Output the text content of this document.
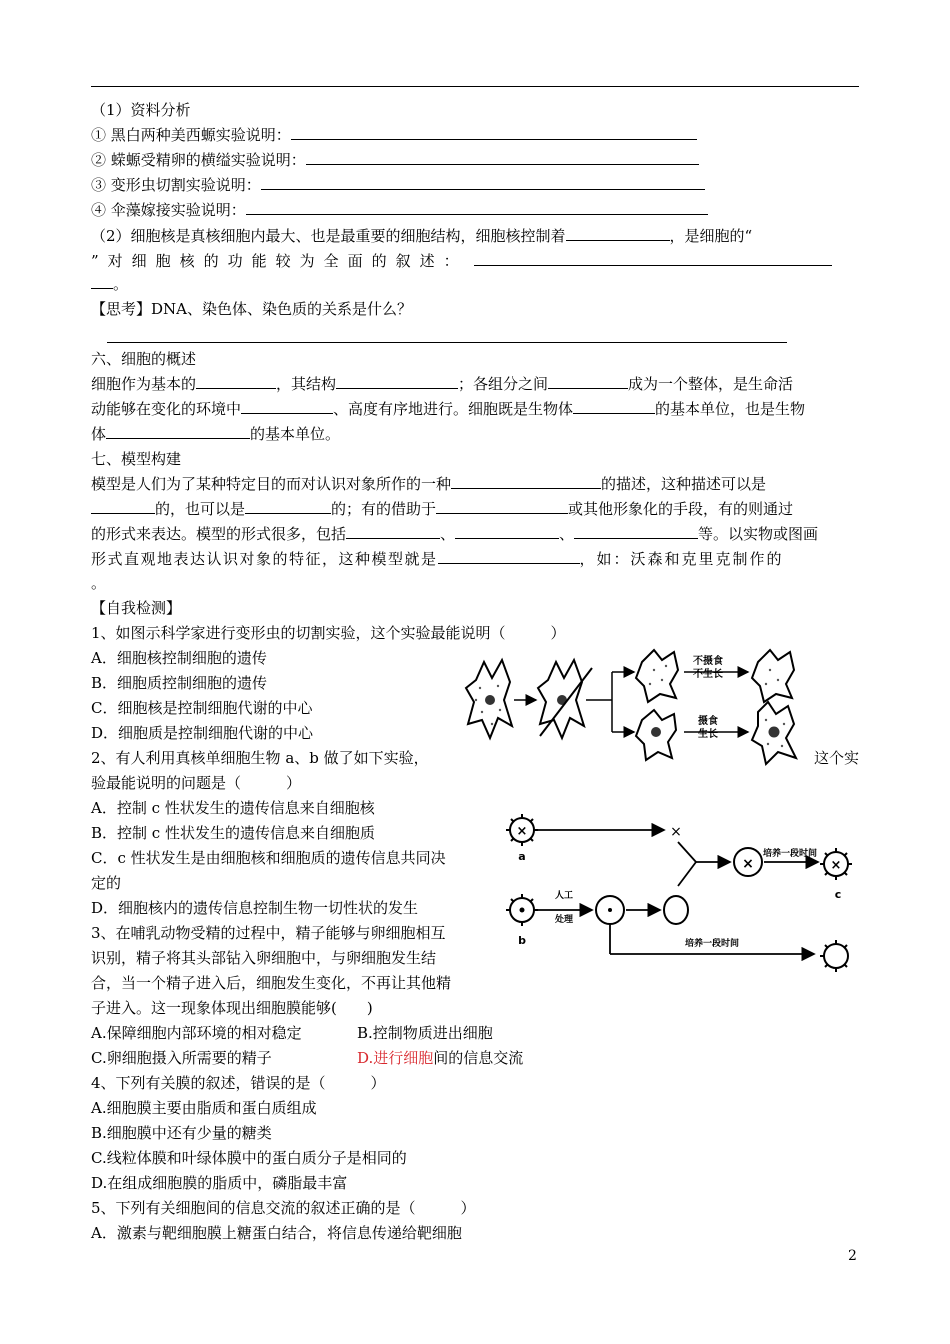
（1）资料分析
① 黑白两种美西螈实验说明：
② 蝾螈受精卵的横缢实验说明：
③ 变形虫切割实验说明：
④ 伞藻嫁接实验说明：
（2）细胞核是真核细胞内最大、也是最重要的细胞结构，细胞核控制着	，是细胞的“
”对细胞核的功能较为全面的叙述：
。
【思考】DNA、染色体、染色质的关系是什么？
六、细胞的概述
细胞作为基本的	，其结构	；各组分之间	成为一个整体，是生命活
动能够在变化的环境中	、高度有序地进行。细胞既是生物体	的基本单位，也是生物
体	的基本单位。
七、模型构建
模型是人们为了某种特定目的而对认识对象所作的一种	的描述，这种描述可以是
的，也可以是	的；有的借助于	或其他形象化的手段，有的则通过
的形式来表达。模型的形式很多，包括	、	、	等。以实物或图画
形式直观地表达认识对象的特征，这种模型就是	，如：沃森和克里克制作的
。
【自我检测】
1、如图示科学家进行变形虫的切割实验，这个实验最能说明（　　　）
A．细胞核控制细胞的遗传
B．细胞质控制细胞的遗传
C．细胞核是控制细胞代谢的中心
D．细胞质是控制细胞代谢的中心
2、有人利用真核单细胞生物 a、b 做了如下实验，	这个实
验最能说明的问题是（　　　）
A．控制 c 性状发生的遗传信息来自细胞核
B．控制 c 性状发生的遗传信息来自细胞质
C．c 性状发生是由细胞核和细胞质的遗传信息共同决
定的
D．细胞核内的遗传信息控制生物一切性状的发生
3、在哺乳动物受精的过程中，精子能够与卵细胞相互
识别，精子将其头部钻入卵细胞中，与卵细胞发生结
合，当一个精子进入后，细胞发生变化，不再让其他精
子进入。这一现象体现出细胞膜能够(　　)
A.保障细胞内部环境的相对稳定	B.控制物质进出细胞
C.卵细胞摄入所需要的精子	D.进行细胞间的信息交流
4、下列有关膜的叙述，错误的是（　　　）
A.细胞膜主要由脂质和蛋白质组成
B.细胞膜中还有少量的糖类
C.线粒体膜和叶绿体膜中的蛋白质分子是相同的
D.在组成细胞膜的脂质中，磷脂最丰富
5、下列有关细胞间的信息交流的叙述正确的是（　　　）
A．激素与靶细胞膜上糖蛋白结合，将信息传递给靶细胞
不摄食
不生长
摄食
生长
×
a
×
×
培养一段时间
×
c
b
人工
处理
培养一段时间
2
